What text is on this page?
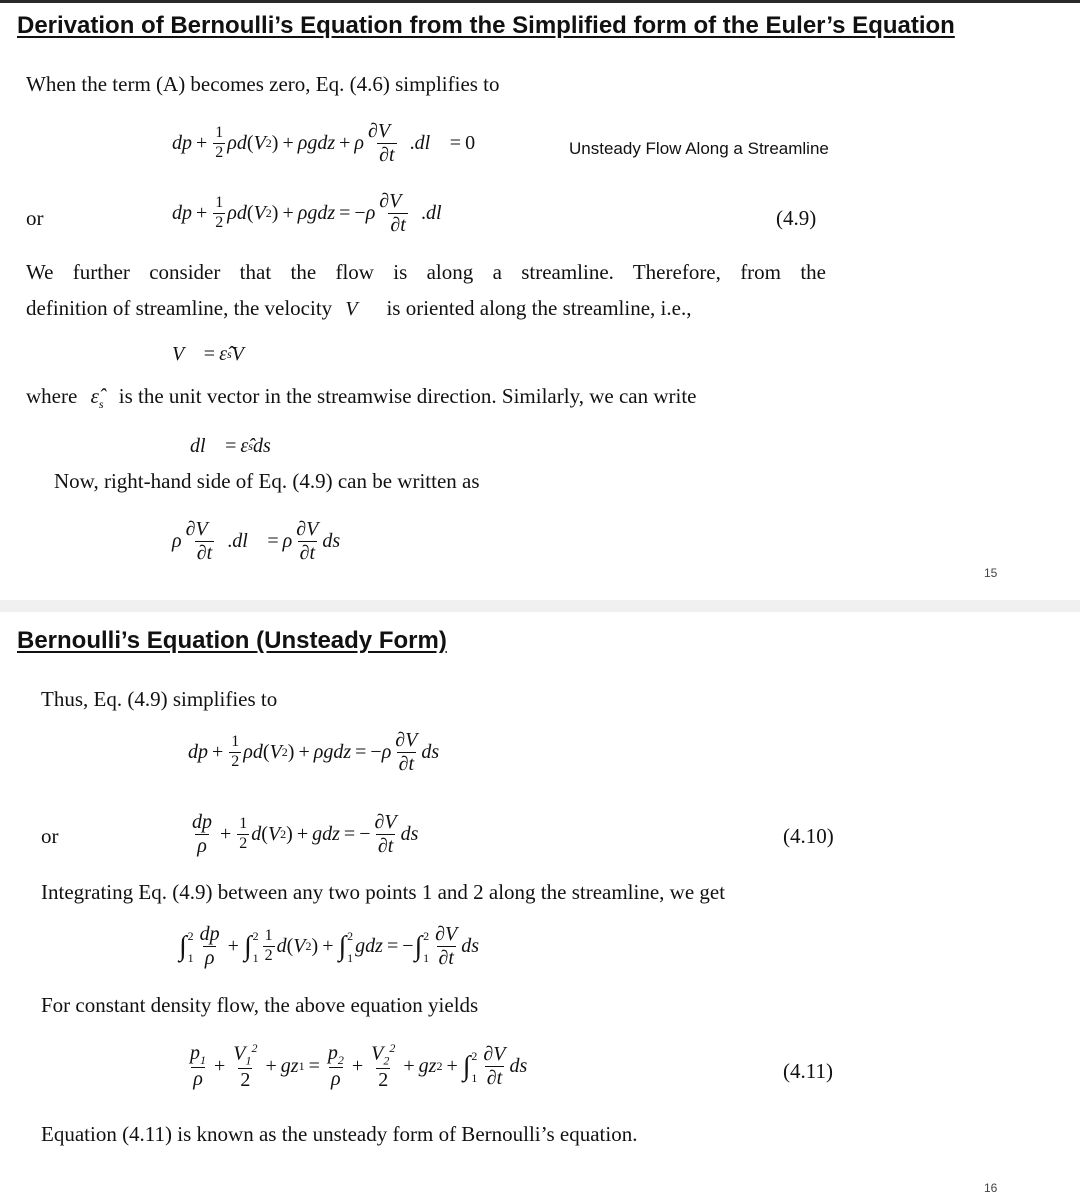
Derivation of Bernoulli’s Equation from the Simplified form of the Euler’s Equation
When the term (A) becomes zero, Eq. (4.6) simplifies to
dp + $\frac{1}{2}$ ρd ( V 2 ) + ρgdz + ρ $\frac{\partial V⃗}{\partial t}$ . dl⃗ = 0	Unsteady Flow Along a Streamline
or	dp + $\frac{1}{2}$ ρd ( V 2 ) + ρgdz = − ρ $\frac{\partial V⃗}{\partial t}$ . dl⃗	(4.9)
We further consider that the flow is along a streamline. Therefore, from the
definition of streamline, the velocity V⃗ is oriented along the streamline, i.e.,
V⃗ = ε̂ s V
where $\varepsilon̂_s$ is the unit vector in the streamwise direction. Similarly, we can write
dl⃗ = ε̂ s ds
Now, right-hand side of Eq. (4.9) can be written as
ρ $\frac{\partial V⃗}{\partial t}$ . dl⃗ = ρ $\frac{\partial V}{\partial t}$ ds
15
Bernoulli’s Equation (Unsteady Form)
Thus, Eq. (4.9) simplifies to
dp + $\frac{1}{2}$ ρd ( V 2 ) + ρgdz = − ρ $\frac{\partial V}{\partial t}$ ds
or	$\frac{dp}{\rho} + \frac{1}{2}$ d ( V 2 ) + gdz = − $\frac{\partial V}{\partial t}$ ds	(4.10)
Integrating Eq. (4.9) between any two points 1 and 2 along the streamline, we get
∫ 2
$1 \frac{dp}{\rho}$ + ∫ 2
$1 \frac{1}{2}$ d ( V 2 ) + ∫ 2
1
gdz = − ∫ 2
$1 \frac{\partial V}{\partial t}$ ds
For constant density flow, the above equation yields
$\frac{p_1}{\rho} + \frac{V_1^2}{2}$ + gz $1 = \frac{p_2}{\rho} + \frac{V_2^2}{2}$ + gz 2 + ∫ 2
$1 \frac{\partial V}{\partial t}$ ds	(4.11)
Equation (4.11) is known as the unsteady form of Bernoulli’s equation.
16
